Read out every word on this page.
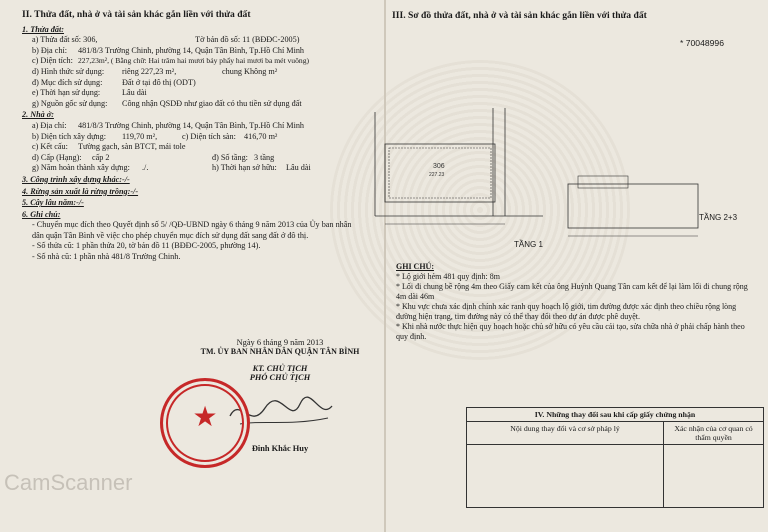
II. Thửa đất, nhà ở và tài sản khác gắn liền với thửa đất
1. Thửa đất:
a) Thửa đất số:
306,	Tờ bản đồ số:
11 (BĐĐC-2005)
b) Địa chỉ:	481/8/3 Trường Chinh, phường 14, Quận Tân Bình, Tp.Hồ Chí Minh
c) Diện tích: 227,23m², ( Bằng chữ: Hai trăm hai mươi bảy phẩy hai mươi ba mét vuông)
d) Hình thức sử dụng:	riêng 227,23 m²,	chung Không m²
đ) Mục đích sử dụng:	Đất ở tại đô thị (ODT)
e) Thời hạn sử dụng:	Lâu dài
g) Nguồn gốc sử dụng:	Công nhận QSDĐ như giao đất có thu tiền sử dụng đất
2. Nhà ở:
a) Địa chỉ:	481/8/3 Trường Chinh, phường 14, Quận Tân Bình, Tp.Hồ Chí Minh
b) Diện tích xây dựng:	119,70 m²,	c) Diện tích sàn: 416,70 m²
c) Kết cấu:	Tường gạch, sàn BTCT, mái tole
d) Cấp (Hạng):	cấp 2	đ) Số tầng: 3 tầng
g) Năm hoàn thành xây dựng:	./.	h) Thời hạn sở hữu:	Lâu dài
3. Công trình xây dựng khác:-/-
4. Rừng sản xuất là rừng trồng:-/-
5. Cây lâu năm:-/-
6. Ghi chú:
- Chuyển mục đích theo Quyết định số 5/ /QĐ-UBND ngày 6 tháng 9 năm 2013 của Ủy ban nhân dân quận Tân Bình về việc cho phép chuyển mục đích sử dụng đất sang đất ở đô thị.
- Số thửa cũ: 1 phần thửa 20, tờ bản đồ 11 (BĐĐC-2005, phường 14).
- Số nhà cũ: 1 phần nhà 481/8 Trường Chinh.
Ngày 6 tháng 9 năm 2013
TM. ỦY BAN NHÂN DÂN QUẬN TÂN BÌNH
KT. CHỦ TỊCH
PHÓ CHỦ TỊCH
Đinh Khắc Huy
★
CamScanner
III. Sơ đồ thửa đất, nhà ở và tài sản khác gắn liền với thửa đất
* 70048996
306
227.23
TẦNG 1
TẦNG 2+3
GHI CHÚ:
* Lộ giới hẻm 481 quy định: 8m
* Lối đi chung bề rộng 4m theo Giấy cam kết của ông Huỳnh Quang Tân cam kết để lại làm lối đi chung rộng 4m dài 46m
* Khu vực chưa xác định chính xác ranh quy hoạch lộ giới, tim đường được xác định theo chiều rộng lòng đường hiện trạng, tim đường này có thể thay đổi theo dự án được phê duyệt.
* Khi nhà nước thực hiện quy hoạch hoặc chủ sở hữu có yêu cầu cải tạo, sửa chữa nhà ở phải chấp hành theo quy định.
IV. Những thay đổi sau khi cấp giấy chứng nhận	
Nội dung thay đổi và cơ sở pháp lý	Xác nhận của cơ quan có thẩm quyền
